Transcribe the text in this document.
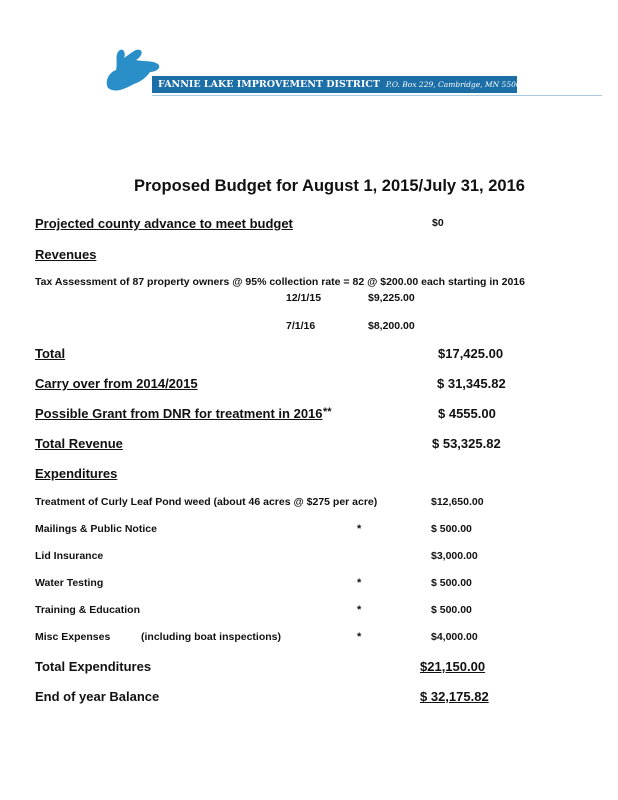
FANNIE LAKE IMPROVEMENT DISTRICT P.O. Box 229, Cambridge, MN 55008
Proposed Budget for August 1, 2015/July 31, 2016
Projected county advance to meet budget	$0
Revenues
Tax Assessment of 87 property owners @ 95% collection rate = 82 @ $200.00 each starting in 2016
12/1/15	$9,225.00
7/1/16	$8,200.00
Total	$17,425.00
Carry over from 2014/2015	$ 31,345.82
Possible Grant from DNR for treatment in 2016 **	$ 4555.00
Total Revenue	$ 53,325.82
Expenditures
Treatment of Curly Leaf Pond weed (about 46 acres @ $275 per acre)	$12,650.00
Mailings & Public Notice	*	$ 500.00
Lid Insurance	$3,000.00
Water Testing	*	$ 500.00
Training & Education	*	$ 500.00
Misc Expenses	(including boat inspections)	*	$4,000.00
Total Expenditures	$21,150.00
End of year Balance	$ 32,175.82
